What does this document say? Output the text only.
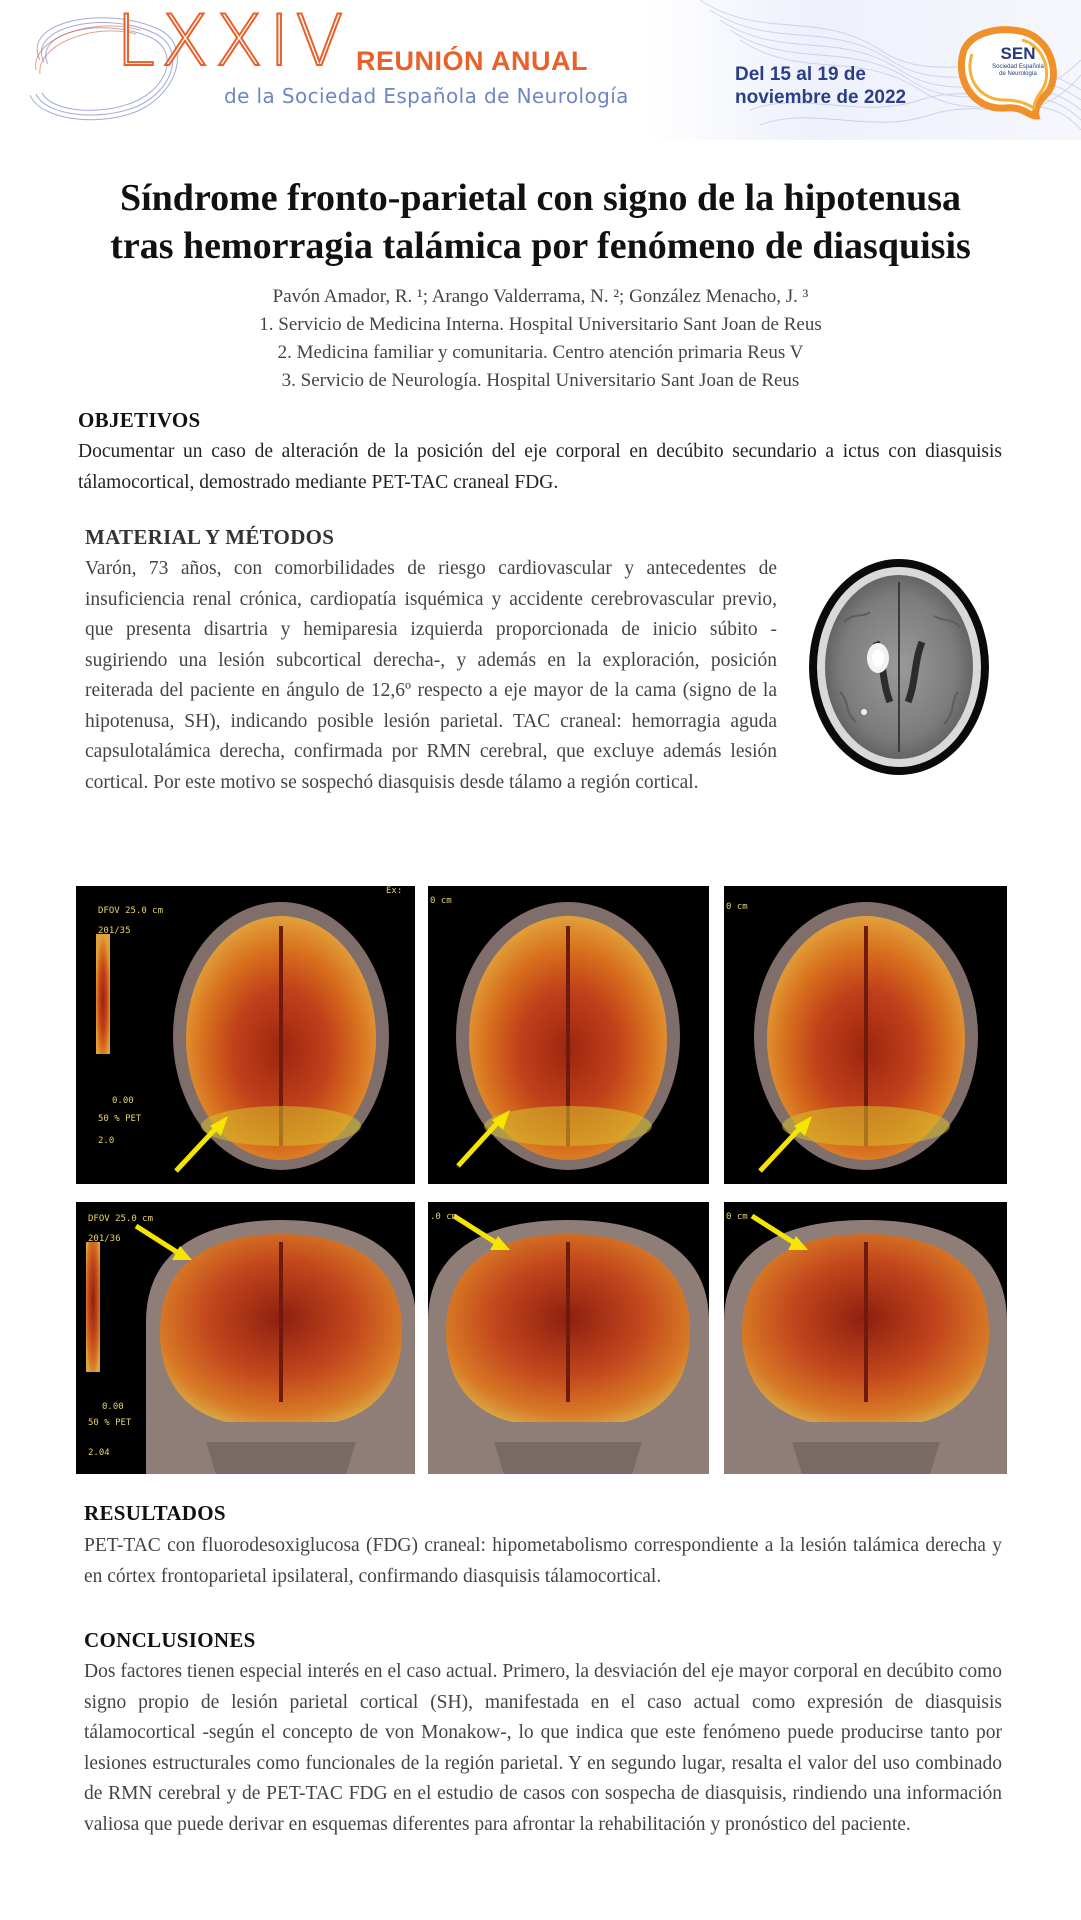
LXXIV REUNIÓN ANUAL
de la Sociedad Española de Neurología
Del 15 al 19 de
noviembre de 2022
SEN
Sociedad Española
de Neurología
Síndrome fronto-parietal con signo de la hipotenusa
tras hemorragia talámica por fenómeno de diasquisis
Pavón Amador, R. ¹; Arango Valderrama, N. ²; González Menacho, J. ³
1. Servicio de Medicina Interna. Hospital Universitario Sant Joan de Reus
2. Medicina familiar y comunitaria. Centro atención primaria Reus V
3. Servicio de Neurología. Hospital Universitario Sant Joan de Reus
OBJETIVOS
Documentar un caso de alteración de la posición del eje corporal en decúbito secundario a ictus con diasquisis tálamocortical, demostrado mediante PET-TAC craneal FDG.
MATERIAL Y MÉTODOS
Varón, 73 años, con comorbilidades de riesgo cardiovascular y antecedentes de insuficiencia renal crónica, cardiopatía isquémica y accidente cerebrovascular previo, que presenta disartria y hemiparesia izquierda proporcionada de inicio súbito -sugiriendo una lesión subcortical derecha-, y además en la exploración, posición reiterada del paciente en ángulo de 12,6º respecto a eje mayor de la cama (signo de la hipotenusa, SH), indicando posible lesión parietal. TAC craneal: hemorragia aguda capsulotalámica derecha, confirmada por RMN cerebral, que excluye además lesión cortical. Por este motivo se sospechó diasquisis desde tálamo a región cortical.
DFOV 25.0 cm
201/35
0.00
50 % PET
2.0
Ex:
0 cm
0 cm
DFOV 25.0 cm
201/36
0.00
50 % PET
2.04
.0 cm	0 cm
RESULTADOS
PET-TAC con fluorodesoxiglucosa (FDG) craneal: hipometabolismo correspondiente a la lesión talámica derecha y en córtex frontoparietal ipsilateral, confirmando diasquisis tálamocortical.
CONCLUSIONES
Dos factores tienen especial interés en el caso actual. Primero, la desviación del eje mayor corporal en decúbito como signo propio de lesión parietal cortical (SH), manifestada en el caso actual como expresión de diasquisis tálamocortical -según el concepto de von Monakow-, lo que indica que este fenómeno puede producirse tanto por lesiones estructurales como funcionales de la región parietal. Y en segundo lugar, resalta el valor del uso combinado de RMN cerebral y de PET-TAC FDG en el estudio de casos con sospecha de diasquisis, rindiendo una información valiosa que puede derivar en esquemas diferentes para afrontar la rehabilitación y pronóstico del paciente.
